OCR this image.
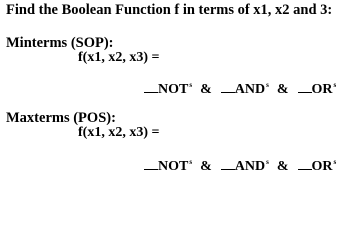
Find the Boolean Function f in terms of x1, x2 and 3:
Minterms (SOP):
f(x1, x2, x3) =
NOT s & AND s & OR s
Maxterms (POS):
f(x1, x2, x3) =
NOT s & AND s & OR s
